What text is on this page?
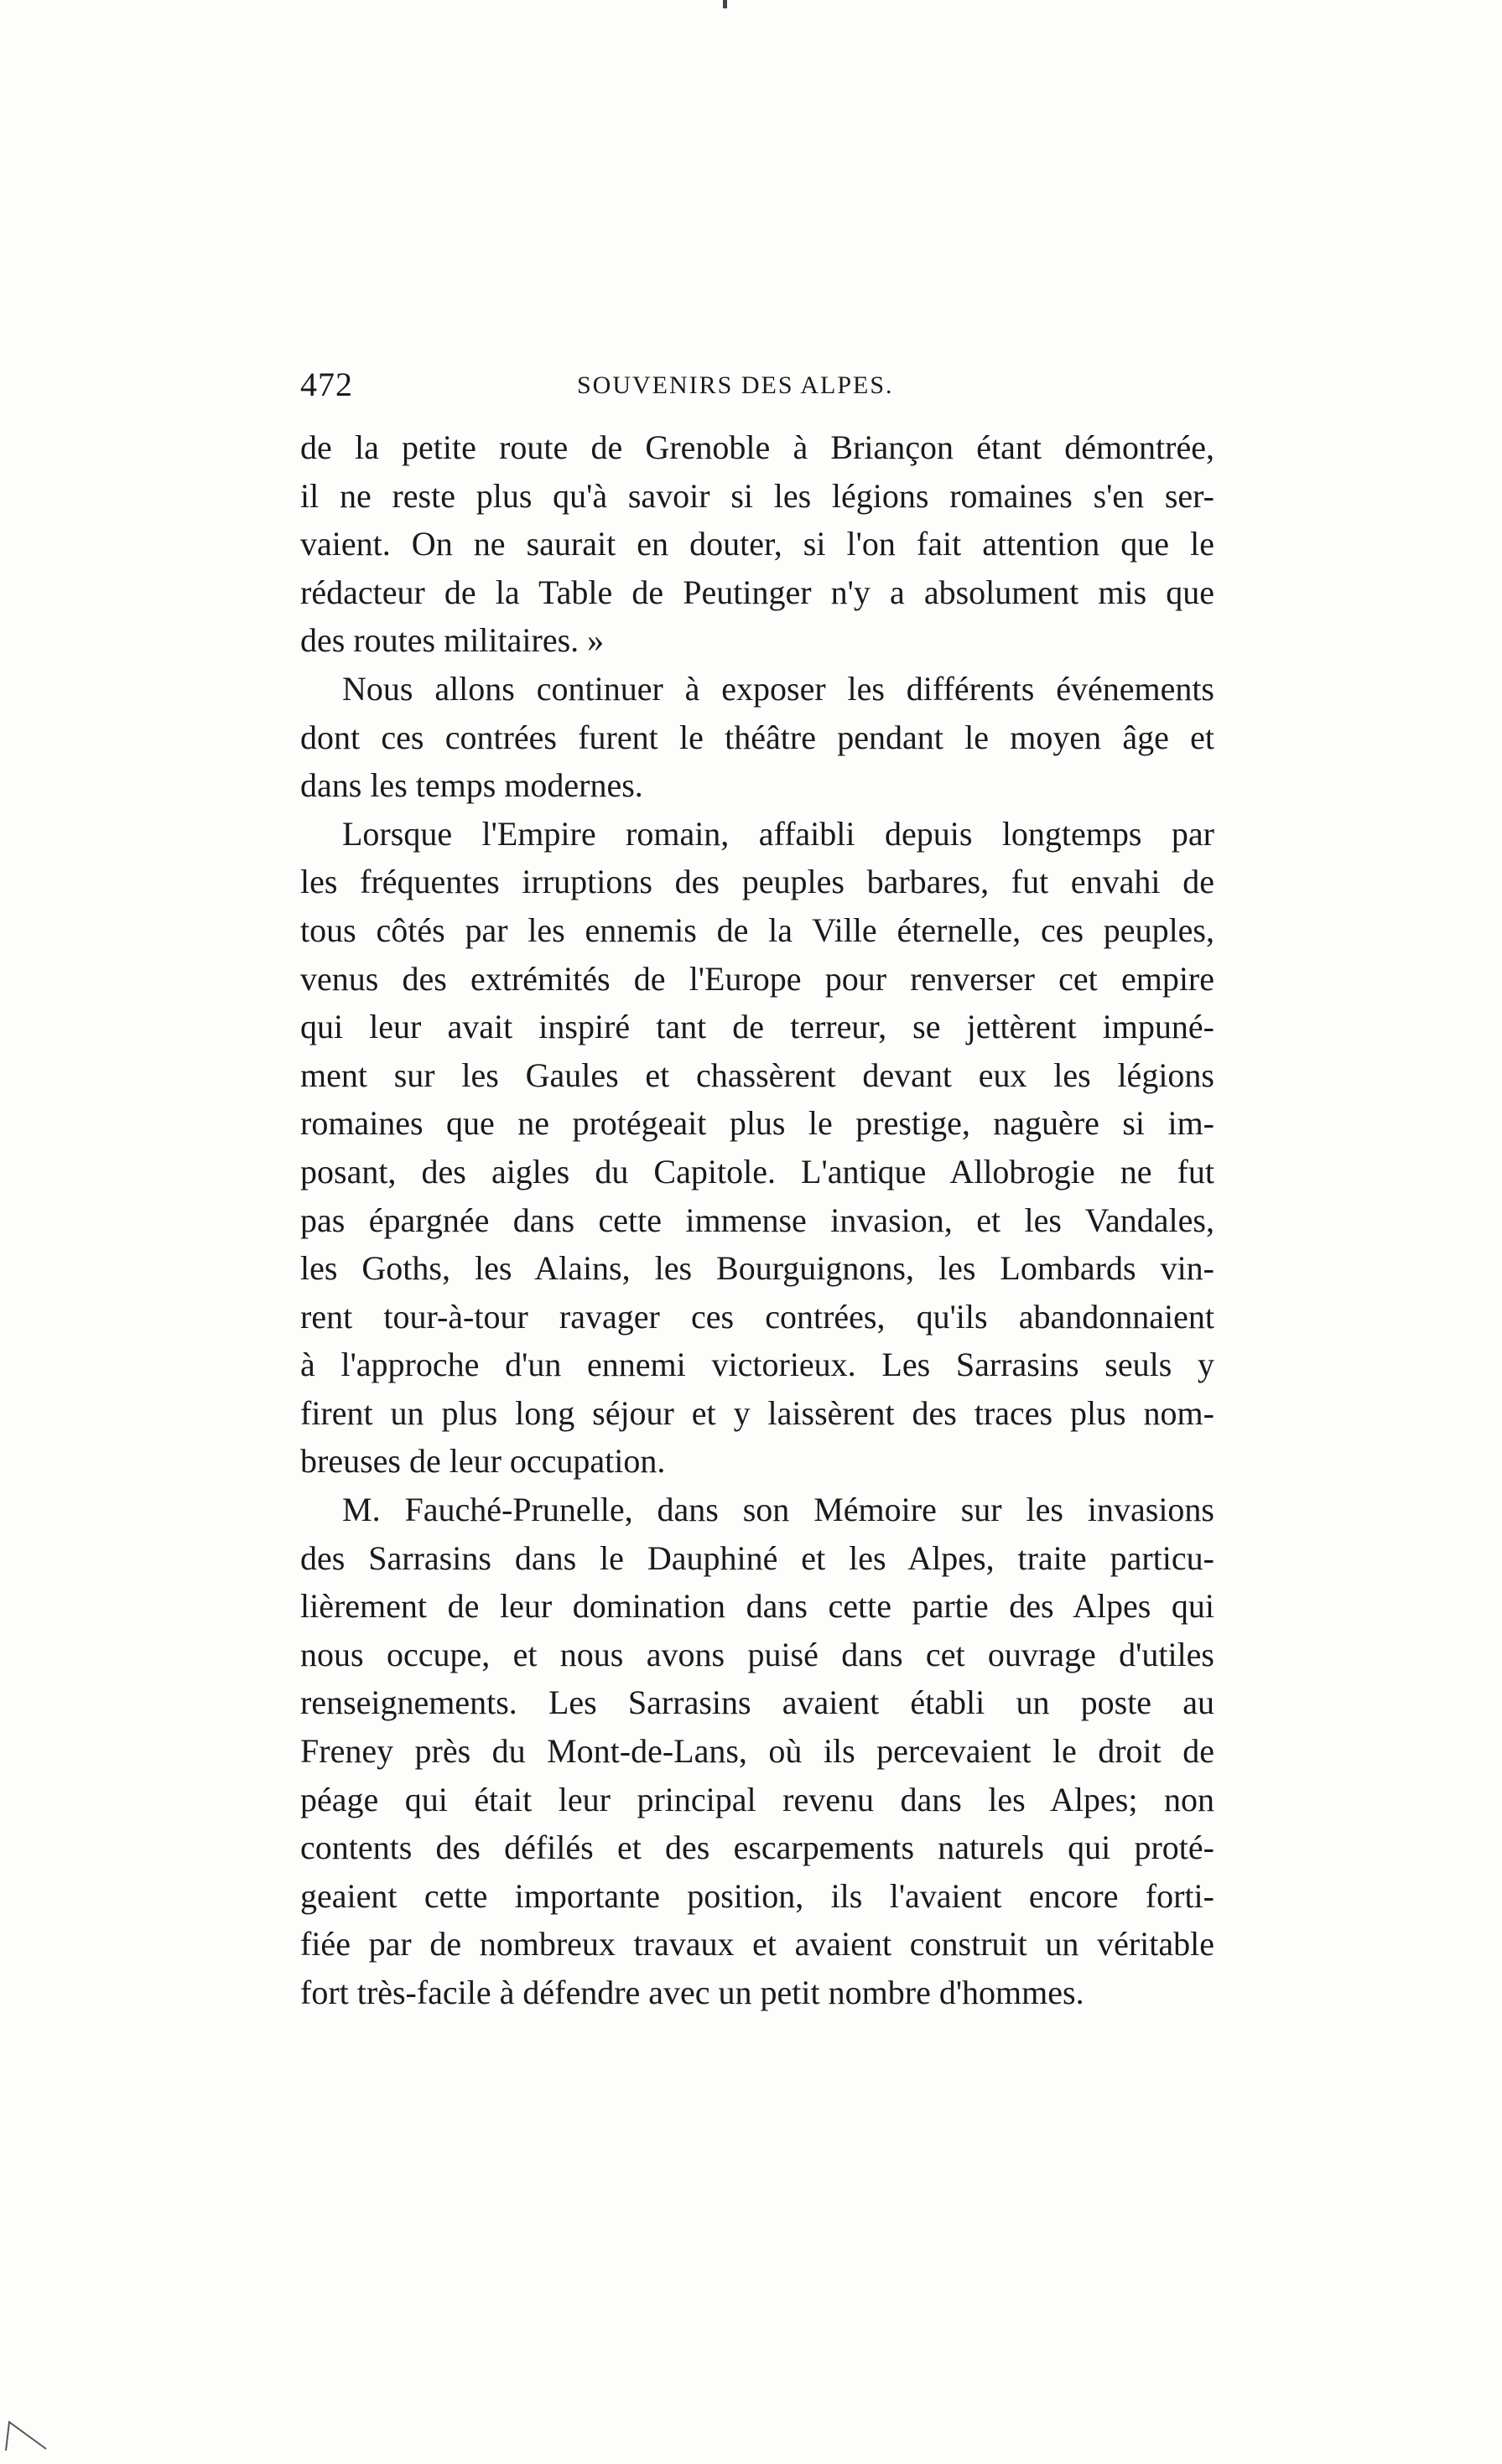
472	SOUVENIRS DES ALPES.
de la petite route de Grenoble à Briançon étant démontrée,
il ne reste plus qu'à savoir si les légions romaines s'en ser-
vaient. On ne saurait en douter, si l'on fait attention que le
rédacteur de la Table de Peutinger n'y a absolument mis que
des routes militaires. »
Nous allons continuer à exposer les différents événements
dont ces contrées furent le théâtre pendant le moyen âge et
dans les temps modernes.
Lorsque l'Empire romain, affaibli depuis longtemps par
les fréquentes irruptions des peuples barbares, fut envahi de
tous côtés par les ennemis de la Ville éternelle, ces peuples,
venus des extrémités de l'Europe pour renverser cet empire
qui leur avait inspiré tant de terreur, se jettèrent impuné-
ment sur les Gaules et chassèrent devant eux les légions
romaines que ne protégeait plus le prestige, naguère si im-
posant, des aigles du Capitole. L'antique Allobrogie ne fut
pas épargnée dans cette immense invasion, et les Vandales,
les Goths, les Alains, les Bourguignons, les Lombards vin-
rent tour-à-tour ravager ces contrées, qu'ils abandonnaient
à l'approche d'un ennemi victorieux. Les Sarrasins seuls y
firent un plus long séjour et y laissèrent des traces plus nom-
breuses de leur occupation.
M. Fauché-Prunelle, dans son Mémoire sur les invasions
des Sarrasins dans le Dauphiné et les Alpes, traite particu-
lièrement de leur domination dans cette partie des Alpes qui
nous occupe, et nous avons puisé dans cet ouvrage d'utiles
renseignements. Les Sarrasins avaient établi un poste au
Freney près du Mont-de-Lans, où ils percevaient le droit de
péage qui était leur principal revenu dans les Alpes; non
contents des défilés et des escarpements naturels qui proté-
geaient cette importante position, ils l'avaient encore forti-
fiée par de nombreux travaux et avaient construit un véritable
fort très-facile à défendre avec un petit nombre d'hommes.
